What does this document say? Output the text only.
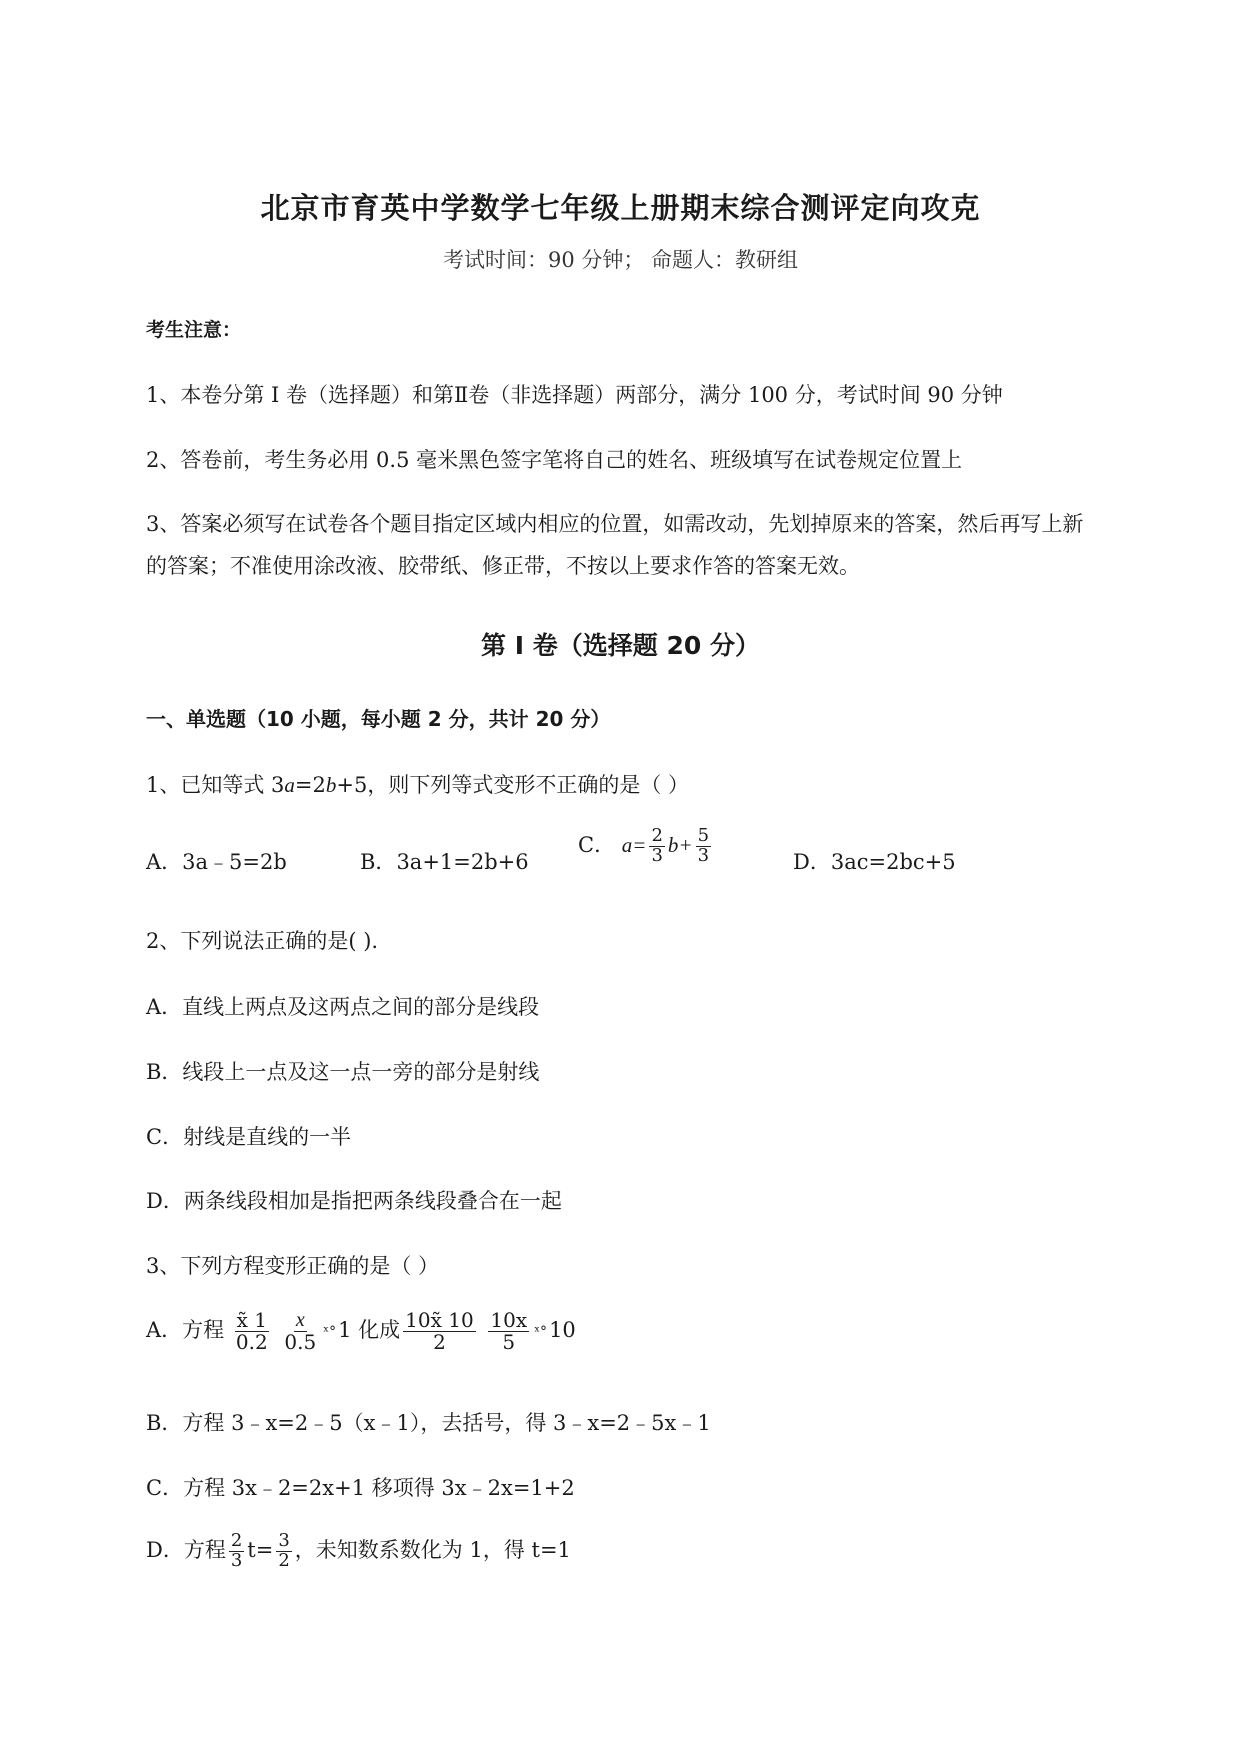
北京市育英中学数学七年级上册期末综合测评定向攻克
考试时间：90 分钟； 命题人：教研组
考生注意：
1、本卷分第 I 卷（选择题）和第Ⅱ卷（非选择题）两部分，满分 100 分，考试时间 90 分钟
2、答卷前，考生务必用 0.5 毫米黑色签字笔将自己的姓名、班级填写在试卷规定位置上
3、答案必须写在试卷各个题目指定区域内相应的位置，如需改动，先划掉原来的答案，然后再写上新
的答案；不准使用涂改液、胶带纸、修正带，不按以上要求作答的答案无效。
第 I 卷（选择题 20 分）
一、单选题（10 小题，每小题 2 分，共计 20 分）
1、已知等式 3a=2b+5，则下列等式变形不正确的是（ ）
A．3a﹣5=2b	B．3a+1=2b+6
C． $a= \frac{2}{3} b+ \frac{5}{3}$	D．3ac=2bc+5
2、下列说法正确的是( ).
A．直线上两点及这两点之间的部分是线段
B．线段上一点及这一点一旁的部分是射线
C．射线是直线的一半
D．两条线段相加是指把两条线段叠合在一起
3、下列方程变形正确的是（ ）
A．方程 $\frac{x̃ 1}{0.2}$
$\frac{x}{0.5}$ ˣ°1 化成 $\frac{10x̃ 10}{2}$
$\frac{10x}{5}$ ˣ°10
B．方程 3﹣x=2﹣5（x﹣1），去括号，得 3﹣x=2﹣5x﹣1
C．方程 3x﹣2=2x+1 移项得 3x﹣2x=1+2
D．方程 $\frac{2}{3} t= \frac{3}{2}$ ，未知数系数化为 1，得 t=1
